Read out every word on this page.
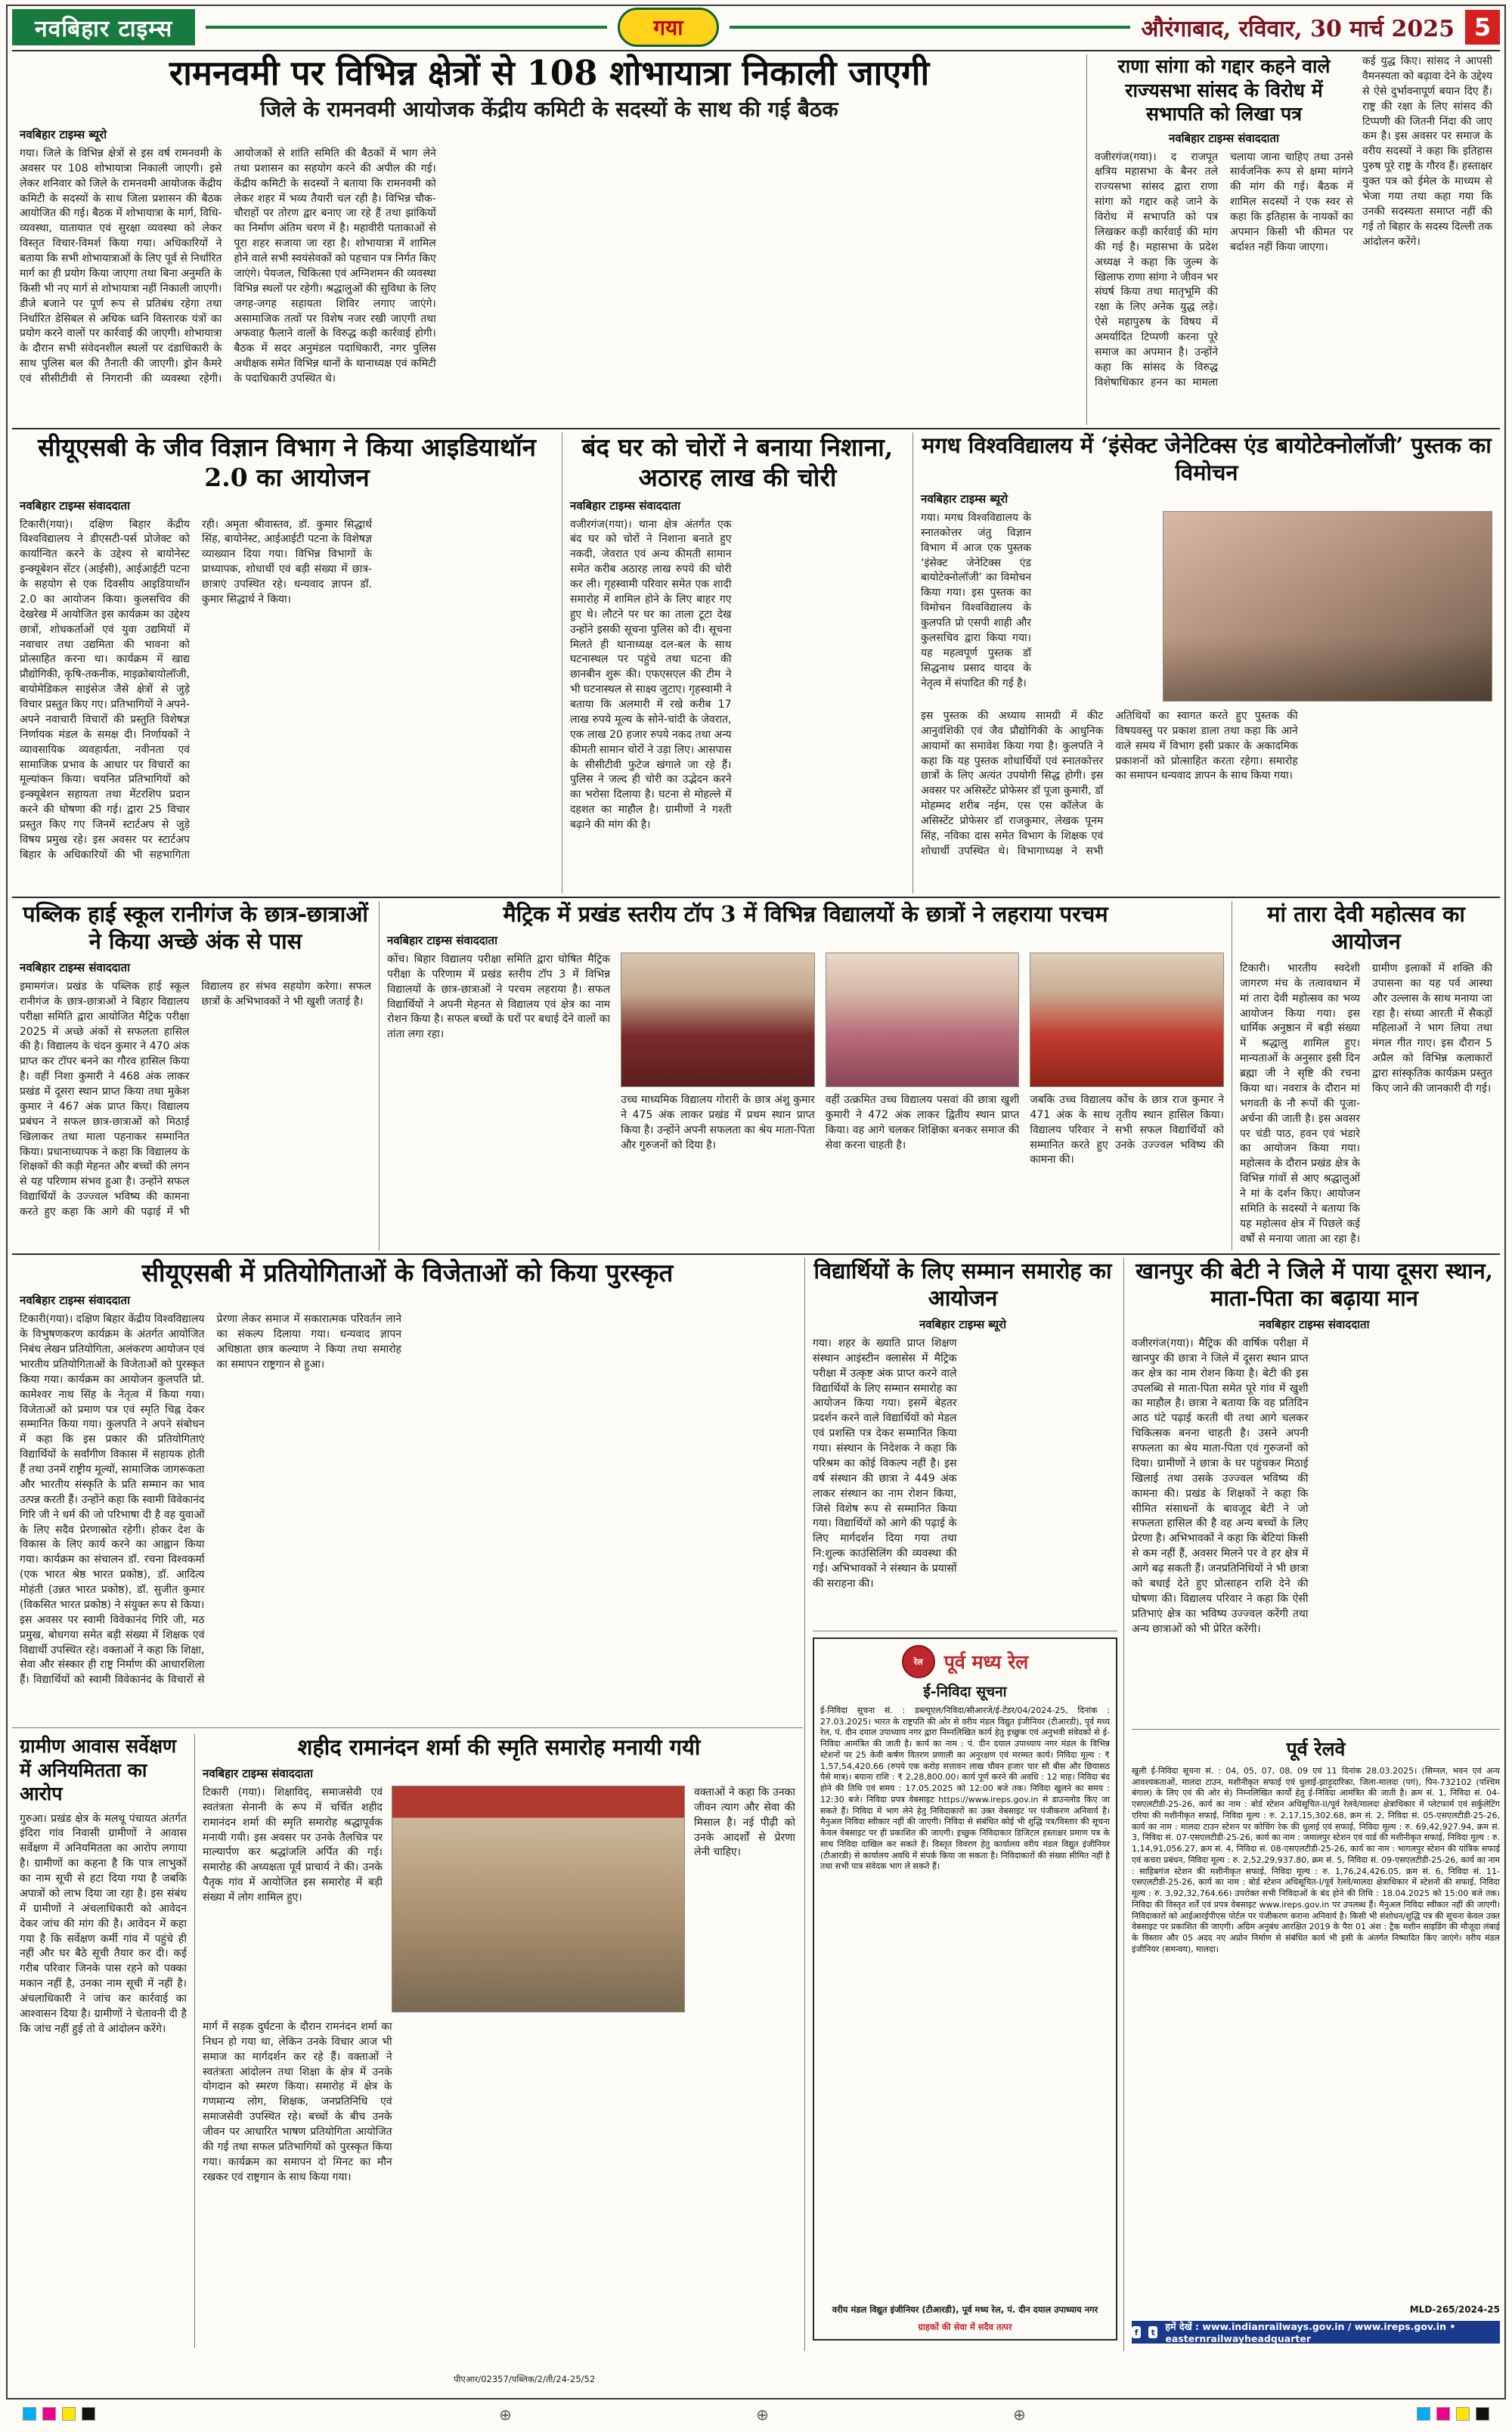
नवबिहार टाइम्स	गया	औरंगाबाद, रविवार, 30 मार्च 2025 5
रामनवमी पर विभिन्न क्षेत्रों से 108 शोभायात्रा निकाली जाएगी
जिले के रामनवमी आयोजक केंद्रीय कमिटी के सदस्यों के साथ की गई बैठक
नवबिहार टाइम्स ब्यूरो
गया। जिले के विभिन्न क्षेत्रों से इस वर्ष रामनवमी के अवसर पर 108 शोभायात्रा निकाली जाएगी। इसे लेकर शनिवार को जिले के रामनवमी आयोजक केंद्रीय कमिटी के सदस्यों के साथ जिला प्रशासन की बैठक आयोजित की गई। बैठक में शोभायात्रा के मार्ग, विधि-व्यवस्था, यातायात एवं सुरक्षा व्यवस्था को लेकर विस्तृत विचार-विमर्श किया गया। अधिकारियों ने बताया कि सभी शोभायात्राओं के लिए पूर्व से निर्धारित मार्ग का ही प्रयोग किया जाएगा तथा बिना अनुमति के किसी भी नए मार्ग से शोभायात्रा नहीं निकाली जाएगी। डीजे बजाने पर पूर्ण रूप से प्रतिबंध रहेगा तथा निर्धारित डेसिबल से अधिक ध्वनि विस्तारक यंत्रों का प्रयोग करने वालों पर कार्रवाई की जाएगी। शोभायात्रा के दौरान सभी संवेदनशील स्थलों पर दंडाधिकारी के साथ पुलिस बल की तैनाती की जाएगी। ड्रोन कैमरे एवं सीसीटीवी से निगरानी की व्यवस्था रहेगी। आयोजकों से शांति समिति की बैठकों में भाग लेने तथा प्रशासन का सहयोग करने की अपील की गई। केंद्रीय कमिटी के सदस्यों ने बताया कि रामनवमी को लेकर शहर में भव्य तैयारी चल रही है। विभिन्न चौक-चौराहों पर तोरण द्वार बनाए जा रहे हैं तथा झांकियों का निर्माण अंतिम चरण में है। महावीरी पताकाओं से पूरा शहर सजाया जा रहा है। शोभायात्रा में शामिल होने वाले सभी स्वयंसेवकों को पहचान पत्र निर्गत किए जाएंगे। पेयजल, चिकित्सा एवं अग्निशमन की व्यवस्था विभिन्न स्थलों पर रहेगी। श्रद्धालुओं की सुविधा के लिए जगह-जगह सहायता शिविर लगाए जाएंगे। असामाजिक तत्वों पर विशेष नजर रखी जाएगी तथा अफवाह फैलाने वालों के विरुद्ध कड़ी कार्रवाई होगी। बैठक में सदर अनुमंडल पदाधिकारी, नगर पुलिस अधीक्षक समेत विभिन्न थानों के थानाध्यक्ष एवं कमिटी के पदाधिकारी उपस्थित थे।
राणा सांगा को गद्दार कहने वाले राज्यसभा सांसद के विरोध में सभापति को लिखा पत्र
नवबिहार टाइम्स संवाददाता
वजीरगंज(गया)। द राजपूत क्षत्रिय महासभा के बैनर तले राज्यसभा सांसद द्वारा राणा सांगा को गद्दार कहे जाने के विरोध में सभापति को पत्र लिखकर कड़ी कार्रवाई की मांग की गई है। महासभा के प्रदेश अध्यक्ष ने कहा कि जुल्म के खिलाफ राणा सांगा ने जीवन भर संघर्ष किया तथा मातृभूमि की रक्षा के लिए अनेक युद्ध लड़े। ऐसे महापुरुष के विषय में अमर्यादित टिप्पणी करना पूरे समाज का अपमान है। उन्होंने कहा कि सांसद के विरुद्ध विशेषाधिकार हनन का मामला चलाया जाना चाहिए तथा उनसे सार्वजनिक रूप से क्षमा मांगने की मांग की गई। बैठक में शामिल सदस्यों ने एक स्वर से कहा कि इतिहास के नायकों का अपमान किसी भी कीमत पर बर्दाश्त नहीं किया जाएगा।
कई युद्ध किए। सांसद ने आपसी वैमनस्यता को बढ़ावा देने के उद्देश्य से ऐसे दुर्भावनापूर्ण बयान दिए हैं। राष्ट्र की रक्षा के लिए सांसद की टिप्पणी की जितनी निंदा की जाए कम है। इस अवसर पर समाज के वरीय सदस्यों ने कहा कि इतिहास पुरुष पूरे राष्ट्र के गौरव हैं। हस्ताक्षर युक्त पत्र को ईमेल के माध्यम से भेजा गया तथा कहा गया कि उनकी सदस्यता समाप्त नहीं की गई तो बिहार के सदस्य दिल्ली तक आंदोलन करेंगे।
सीयूएसबी के जीव विज्ञान विभाग ने किया आइडियाथॉन 2.0 का आयोजन
नवबिहार टाइम्स संवाददाता
टिकारी(गया)। दक्षिण बिहार केंद्रीय विश्वविद्यालय ने डीएसटी-पर्स प्रोजेक्ट को कार्यान्वित करने के उद्देश्य से बायोनेस्ट इन्क्यूबेशन सेंटर (आईसी), आईआईटी पटना के सहयोग से एक दिवसीय आइडियाथॉन 2.0 का आयोजन किया। कुलसचिव की देखरेख में आयोजित इस कार्यक्रम का उद्देश्य छात्रों, शोधकर्ताओं एवं युवा उद्यमियों में नवाचार तथा उद्यमिता की भावना को प्रोत्साहित करना था। कार्यक्रम में खाद्य प्रौद्योगिकी, कृषि-तकनीक, माइक्रोबायोलॉजी, बायोमेडिकल साइंसेज जैसे क्षेत्रों से जुड़े विचार प्रस्तुत किए गए। प्रतिभागियों ने अपने-अपने नवाचारी विचारों की प्रस्तुति विशेषज्ञ निर्णायक मंडल के समक्ष दी। निर्णायकों ने व्यावसायिक व्यवहार्यता, नवीनता एवं सामाजिक प्रभाव के आधार पर विचारों का मूल्यांकन किया। चयनित प्रतिभागियों को इन्क्यूबेशन सहायता तथा मेंटरशिप प्रदान करने की घोषणा की गई। द्वारा 25 विचार प्रस्तुत किए गए जिनमें स्टार्टअप से जुड़े विषय प्रमुख रहे। इस अवसर पर स्टार्टअप बिहार के अधिकारियों की भी सहभागिता रही। अमृता श्रीवास्तव, डॉ. कुमार सिद्धार्थ सिंह, बायोनेस्ट, आईआईटी पटना के विशेषज्ञ व्याख्यान दिया गया। विभिन्न विभागों के प्राध्यापक, शोधार्थी एवं बड़ी संख्या में छात्र-छात्राएं उपस्थित रहे। धन्यवाद ज्ञापन डॉ. कुमार सिद्धार्थ ने किया।
बंद घर को चोरों ने बनाया निशाना, अठारह लाख की चोरी
नवबिहार टाइम्स संवाददाता
वजीरगंज(गया)। थाना क्षेत्र अंतर्गत एक बंद घर को चोरों ने निशाना बनाते हुए नकदी, जेवरात एवं अन्य कीमती सामान समेत करीब अठारह लाख रुपये की चोरी कर ली। गृहस्वामी परिवार समेत एक शादी समारोह में शामिल होने के लिए बाहर गए हुए थे। लौटने पर घर का ताला टूटा देख उन्होंने इसकी सूचना पुलिस को दी। सूचना मिलते ही थानाध्यक्ष दल-बल के साथ घटनास्थल पर पहुंचे तथा घटना की छानबीन शुरू की। एफएसएल की टीम ने भी घटनास्थल से साक्ष्य जुटाए। गृहस्वामी ने बताया कि अलमारी में रखे करीब 17 लाख रुपये मूल्य के सोने-चांदी के जेवरात, एक लाख 20 हजार रुपये नकद तथा अन्य कीमती सामान चोरों ने उड़ा लिए। आसपास के सीसीटीवी फुटेज खंगाले जा रहे हैं। पुलिस ने जल्द ही चोरी का उद्भेदन करने का भरोसा दिलाया है। घटना से मोहल्ले में दहशत का माहौल है। ग्रामीणों ने गश्ती बढ़ाने की मांग की है।
मगध विश्वविद्यालय में ‘इंसेक्ट जेनेटिक्स एंड बायोटेक्नोलॉजी’ पुस्तक का विमोचन
नवबिहार टाइम्स ब्यूरो
गया। मगध विश्वविद्यालय के स्नातकोत्तर जंतु विज्ञान विभाग में आज एक पुस्तक ‘इंसेक्ट जेनेटिक्स एंड बायोटेक्नोलॉजी’ का विमोचन किया गया। इस पुस्तक का विमोचन विश्वविद्यालय के कुलपति प्रो एसपी शाही और कुलसचिव द्वारा किया गया। यह महत्वपूर्ण पुस्तक डॉ सिद्धनाथ प्रसाद यादव के नेतृत्व में संपादित की गई है।
इस पुस्तक की अध्याय सामग्री में कीट आनुवंशिकी एवं जैव प्रौद्योगिकी के आधुनिक आयामों का समावेश किया गया है। कुलपति ने कहा कि यह पुस्तक शोधार्थियों एवं स्नातकोत्तर छात्रों के लिए अत्यंत उपयोगी सिद्ध होगी। इस अवसर पर असिस्टेंट प्रोफेसर डॉ पूजा कुमारी, डॉ मोहम्मद शरीब नईम, एस एस कॉलेज के असिस्टेंट प्रोफेसर डॉ राजकुमार, लेखक पूनम सिंह, नविका दास समेत विभाग के शिक्षक एवं शोधार्थी उपस्थित थे। विभागाध्यक्ष ने सभी अतिथियों का स्वागत करते हुए पुस्तक की विषयवस्तु पर प्रकाश डाला तथा कहा कि आने वाले समय में विभाग इसी प्रकार के अकादमिक प्रकाशनों को प्रोत्साहित करता रहेगा। समारोह का समापन धन्यवाद ज्ञापन के साथ किया गया।
पब्लिक हाई स्कूल रानीगंज के छात्र-छात्राओं ने किया अच्छे अंक से पास
नवबिहार टाइम्स संवाददाता
इमामगंज। प्रखंड के पब्लिक हाई स्कूल रानीगंज के छात्र-छात्राओं ने बिहार विद्यालय परीक्षा समिति द्वारा आयोजित मैट्रिक परीक्षा 2025 में अच्छे अंकों से सफलता हासिल की है। विद्यालय के चंदन कुमार ने 470 अंक प्राप्त कर टॉपर बनने का गौरव हासिल किया है। वहीं निशा कुमारी ने 468 अंक लाकर प्रखंड में दूसरा स्थान प्राप्त किया तथा मुकेश कुमार ने 467 अंक प्राप्त किए। विद्यालय प्रबंधन ने सफल छात्र-छात्राओं को मिठाई खिलाकर तथा माला पहनाकर सम्मानित किया। प्रधानाध्यापक ने कहा कि विद्यालय के शिक्षकों की कड़ी मेहनत और बच्चों की लगन से यह परिणाम संभव हुआ है। उन्होंने सफल विद्यार्थियों के उज्ज्वल भविष्य की कामना करते हुए कहा कि आगे की पढ़ाई में भी विद्यालय हर संभव सहयोग करेगा। सफल छात्रों के अभिभावकों ने भी खुशी जताई है।
मैट्रिक में प्रखंड स्तरीय टॉप 3 में विभिन्न विद्यालयों के छात्रों ने लहराया परचम
नवबिहार टाइम्स संवाददाता
कोंच। बिहार विद्यालय परीक्षा समिति द्वारा घोषित मैट्रिक परीक्षा के परिणाम में प्रखंड स्तरीय टॉप 3 में विभिन्न विद्यालयों के छात्र-छात्राओं ने परचम लहराया है। सफल विद्यार्थियों ने अपनी मेहनत से विद्यालय एवं क्षेत्र का नाम रोशन किया है। सफल बच्चों के घरों पर बधाई देने वालों का तांता लगा रहा।
उच्च माध्यमिक विद्यालय गोरारी के छात्र अंशु कुमार ने 475 अंक लाकर प्रखंड में प्रथम स्थान प्राप्त किया है। उन्होंने अपनी सफलता का श्रेय माता-पिता और गुरुजनों को दिया है।
वहीं उत्क्रमित उच्च विद्यालय पसवां की छात्रा खुशी कुमारी ने 472 अंक लाकर द्वितीय स्थान प्राप्त किया। वह आगे चलकर शिक्षिका बनकर समाज की सेवा करना चाहती है।
जबकि उच्च विद्यालय कोंच के छात्र राज कुमार ने 471 अंक के साथ तृतीय स्थान हासिल किया। विद्यालय परिवार ने सभी सफल विद्यार्थियों को सम्मानित करते हुए उनके उज्ज्वल भविष्य की कामना की।
मां तारा देवी महोत्सव का आयोजन
टिकारी। भारतीय स्वदेशी जागरण मंच के तत्वावधान में मां तारा देवी महोत्सव का भव्य आयोजन किया गया। इस धार्मिक अनुष्ठान में बड़ी संख्या में श्रद्धालु शामिल हुए। मान्यताओं के अनुसार इसी दिन ब्रह्मा जी ने सृष्टि की रचना किया था। नवरात्र के दौरान मां भगवती के नौ रूपों की पूजा-अर्चना की जाती है। इस अवसर पर चंडी पाठ, हवन एवं भंडारे का आयोजन किया गया। महोत्सव के दौरान प्रखंड क्षेत्र के विभिन्न गांवों से आए श्रद्धालुओं ने मां के दर्शन किए। आयोजन समिति के सदस्यों ने बताया कि यह महोत्सव क्षेत्र में पिछले कई वर्षों से मनाया जाता आ रहा है। ग्रामीण इलाकों में शक्ति की उपासना का यह पर्व आस्था और उल्लास के साथ मनाया जा रहा है। संध्या आरती में सैकड़ों महिलाओं ने भाग लिया तथा मंगल गीत गाए। इस दौरान 5 अप्रैल को विभिन्न कलाकारों द्वारा सांस्कृतिक कार्यक्रम प्रस्तुत किए जाने की जानकारी दी गई।
सीयूएसबी में प्रतियोगिताओं के विजेताओं को किया पुरस्कृत
नवबिहार टाइम्स संवाददाता
टिकारी(गया)। दक्षिण बिहार केंद्रीय विश्वविद्यालय के विभुषणकरण कार्यक्रम के अंतर्गत आयोजित निबंध लेखन प्रतियोगिता, अलंकरण आयोजन एवं भारतीय प्रतियोगिताओं के विजेताओं को पुरस्कृत किया गया। कार्यक्रम का आयोजन कुलपति प्रो. कामेश्वर नाथ सिंह के नेतृत्व में किया गया। विजेताओं को प्रमाण पत्र एवं स्मृति चिह्न देकर सम्मानित किया गया। कुलपति ने अपने संबोधन में कहा कि इस प्रकार की प्रतियोगिताएं विद्यार्थियों के सर्वांगीण विकास में सहायक होती हैं तथा उनमें राष्ट्रीय मूल्यों, सामाजिक जागरूकता और भारतीय संस्कृति के प्रति सम्मान का भाव उत्पन्न करती हैं। उन्होंने कहा कि स्वामी विवेकानंद गिरि जी ने धर्म की जो परिभाषा दी है वह युवाओं के लिए सदैव प्रेरणास्रोत रहेगी। होकर देश के विकास के लिए कार्य करने का आह्वान किया गया। कार्यक्रम का संचालन डॉ. रचना विश्वकर्मा (एक भारत श्रेष्ठ भारत प्रकोष्ठ), डॉ. आदित्य मोहंती (उन्नत भारत प्रकोष्ठ), डॉ. सुजीत कुमार (विकसित भारत प्रकोष्ठ) ने संयुक्त रूप से किया। इस अवसर पर स्वामी विवेकानंद गिरि जी, मठ प्रमुख, बोधगया समेत बड़ी संख्या में शिक्षक एवं विद्यार्थी उपस्थित रहे। वक्ताओं ने कहा कि शिक्षा, सेवा और संस्कार ही राष्ट्र निर्माण की आधारशिला हैं। विद्यार्थियों को स्वामी विवेकानंद के विचारों से प्रेरणा लेकर समाज में सकारात्मक परिवर्तन लाने का संकल्प दिलाया गया। धन्यवाद ज्ञापन अधिष्ठाता छात्र कल्याण ने किया तथा समारोह का समापन राष्ट्रगान से हुआ।
ग्रामीण आवास सर्वेक्षण में अनियमितता का आरोप
गुरुआ। प्रखंड क्षेत्र के मलथू पंचायत अंतर्गत इंदिरा गांव निवासी ग्रामीणों ने आवास सर्वेक्षण में अनियमितता का आरोप लगाया है। ग्रामीणों का कहना है कि पात्र लाभुकों का नाम सूची से हटा दिया गया है जबकि अपात्रों को लाभ दिया जा रहा है। इस संबंध में ग्रामीणों ने अंचलाधिकारी को आवेदन देकर जांच की मांग की है। आवेदन में कहा गया है कि सर्वेक्षण कर्मी गांव में पहुंचे ही नहीं और घर बैठे सूची तैयार कर दी। कई गरीब परिवार जिनके पास रहने को पक्का मकान नहीं है, उनका नाम सूची में नहीं है। अंचलाधिकारी ने जांच कर कार्रवाई का आश्वासन दिया है। ग्रामीणों ने चेतावनी दी है कि जांच नहीं हुई तो वे आंदोलन करेंगे।
शहीद रामानंदन शर्मा की स्मृति समारोह मनायी गयी
नवबिहार टाइम्स संवाददाता
टिकारी (गया)। शिक्षाविद्, समाजसेवी एवं स्वतंत्रता सेनानी के रूप में चर्चित शहीद रामानंदन शर्मा की स्मृति समारोह श्रद्धापूर्वक मनायी गयी। इस अवसर पर उनके तैलचित्र पर माल्यार्पण कर श्रद्धांजलि अर्पित की गई। समारोह की अध्यक्षता पूर्व प्राचार्य ने की। उनके पैतृक गांव में आयोजित इस समारोह में बड़ी संख्या में लोग शामिल हुए।
वक्ताओं ने कहा कि उनका जीवन त्याग और सेवा की मिसाल है। नई पीढ़ी को उनके आदर्शों से प्रेरणा लेनी चाहिए।
मार्ग में सड़क दुर्घटना के दौरान रामनंदन शर्मा का निधन हो गया था, लेकिन उनके विचार आज भी समाज का मार्गदर्शन कर रहे हैं। वक्ताओं ने स्वतंत्रता आंदोलन तथा शिक्षा के क्षेत्र में उनके योगदान को स्मरण किया। समारोह में क्षेत्र के गणमान्य लोग, शिक्षक, जनप्रतिनिधि एवं समाजसेवी उपस्थित रहे। बच्चों के बीच उनके जीवन पर आधारित भाषण प्रतियोगिता आयोजित की गई तथा सफल प्रतिभागियों को पुरस्कृत किया गया। कार्यक्रम का समापन दो मिनट का मौन रखकर एवं राष्ट्रगान के साथ किया गया।
विद्यार्थियों के लिए सम्मान समारोह का आयोजन
नवबिहार टाइम्स ब्यूरो
गया। शहर के ख्याति प्राप्त शिक्षण संस्थान आइंस्टीन क्लासेस में मैट्रिक परीक्षा में उत्कृष्ट अंक प्राप्त करने वाले विद्यार्थियों के लिए सम्मान समारोह का आयोजन किया गया। इसमें बेहतर प्रदर्शन करने वाले विद्यार्थियों को मेडल एवं प्रशस्ति पत्र देकर सम्मानित किया गया। संस्थान के निदेशक ने कहा कि परिश्रम का कोई विकल्प नहीं है। इस वर्ष संस्थान की छात्रा ने 449 अंक लाकर संस्थान का नाम रोशन किया, जिसे विशेष रूप से सम्मानित किया गया। विद्यार्थियों को आगे की पढ़ाई के लिए मार्गदर्शन दिया गया तथा नि:शुल्क काउंसिलिंग की व्यवस्था की गई। अभिभावकों ने संस्थान के प्रयासों की सराहना की।
रेल	पूर्व मध्य रेल
ई-निविदा सूचना
ई-निविदा सूचना सं. : डब्ल्यूएल/निविदा/सीआरजे/ई-टेंडर/04/2024-25, दिनांक : 27.03.2025। भारत के राष्ट्रपति की ओर से वरीय मंडल विद्युत इंजीनियर (टीआरडी), पूर्व मध्य रेल, पं. दीन दयाल उपाध्याय नगर द्वारा निम्नलिखित कार्य हेतु इच्छुक एवं अनुभवी संवेदकों से ई-निविदा आमंत्रित की जाती है। कार्य का नाम : पं. दीन दयाल उपाध्याय नगर मंडल के विभिन्न स्टेशनों पर 25 केवी कर्षण वितरण प्रणाली का अनुरक्षण एवं मरम्मत कार्य। निविदा मूल्य : ₹ 1,57,54,420.66 (रुपये एक करोड़ सत्तावन लाख चौवन हजार चार सौ बीस और छियासठ पैसे मात्र)। बयाना राशि : ₹ 2,28,800.00। कार्य पूर्ण करने की अवधि : 12 माह। निविदा बंद होने की तिथि एवं समय : 17.05.2025 को 12:00 बजे तक। निविदा खुलने का समय : 12:30 बजे। निविदा प्रपत्र वेबसाइट https://www.ireps.gov.in से डाउनलोड किए जा सकते हैं। निविदा में भाग लेने हेतु निविदाकारों का उक्त वेबसाइट पर पंजीकरण अनिवार्य है। मैनुअल निविदा स्वीकार नहीं की जाएगी। निविदा से संबंधित कोई भी शुद्धि पत्र/विस्तार की सूचना केवल वेबसाइट पर ही प्रकाशित की जाएगी। इच्छुक निविदाकार डिजिटल हस्ताक्षर प्रमाण पत्र के साथ निविदा दाखिल कर सकते हैं। विस्तृत विवरण हेतु कार्यालय वरीय मंडल विद्युत इंजीनियर (टीआरडी) से कार्यालय अवधि में संपर्क किया जा सकता है। निविदाकारों की संख्या सीमित नहीं है तथा सभी पात्र संवेदक भाग ले सकते हैं।
वरीय मंडल विद्युत इंजीनियर (टीआरडी), पूर्व मध्य रेल, पं. दीन दयाल उपाध्याय नगर
ग्राहकों की सेवा में सदैव तत्पर
खानपुर की बेटी ने जिले में पाया दूसरा स्थान, माता-पिता का बढ़ाया मान
नवबिहार टाइम्स संवाददाता
वजीरगंज(गया)। मैट्रिक की वार्षिक परीक्षा में खानपुर की छात्रा ने जिले में दूसरा स्थान प्राप्त कर क्षेत्र का नाम रोशन किया है। बेटी की इस उपलब्धि से माता-पिता समेत पूरे गांव में खुशी का माहौल है। छात्रा ने बताया कि वह प्रतिदिन आठ घंटे पढ़ाई करती थी तथा आगे चलकर चिकित्सक बनना चाहती है। उसने अपनी सफलता का श्रेय माता-पिता एवं गुरुजनों को दिया। ग्रामीणों ने छात्रा के घर पहुंचकर मिठाई खिलाई तथा उसके उज्ज्वल भविष्य की कामना की। प्रखंड के शिक्षकों ने कहा कि सीमित संसाधनों के बावजूद बेटी ने जो सफलता हासिल की है वह अन्य बच्चों के लिए प्रेरणा है। अभिभावकों ने कहा कि बेटियां किसी से कम नहीं हैं, अवसर मिलने पर वे हर क्षेत्र में आगे बढ़ सकती हैं। जनप्रतिनिधियों ने भी छात्रा को बधाई देते हुए प्रोत्साहन राशि देने की घोषणा की। विद्यालय परिवार ने कहा कि ऐसी प्रतिभाएं क्षेत्र का भविष्य उज्ज्वल करेंगी तथा अन्य छात्राओं को भी प्रेरित करेंगी।
पूर्व रेलवे
खुली ई-निविदा सूचना सं. : 04, 05, 07, 08, 09 एवं 11 दिनांक 28.03.2025। (सिग्नल, भवन एवं अन्य आवश्यकताओं, मालदा टाउन, मशीनीकृत सफाई एवं धुलाई-झाड़ूदारिका, जिला-मालदा (पगं), पिन-732102 (पश्चिम बंगाल) के लिए एवं की ओर से) निम्नलिखित कार्यों हेतु ई-निविदा आमंत्रित की जाती है। क्रम सं. 1, निविदा सं. 04-एसएलटीडी-25-26, कार्य का नाम : बोर्ड स्टेशन अधिसूचित-II/पूर्व रेलवे/मालदा क्षेत्राधिकार में प्लेटफार्म एवं सर्कुलेटिंग एरिया की मशीनीकृत सफाई, निविदा मूल्य : रु. 2,17,15,302.68, क्रम सं. 2, निविदा सं. 05-एसएलटीडी-25-26, कार्य का नाम : मालदा टाउन स्टेशन पर कोचिंग रेक की धुलाई एवं सफाई, निविदा मूल्य : रु. 69,42,927.94, क्रम सं. 3, निविदा सं. 07-एसएलटीडी-25-26, कार्य का नाम : जमालपुर स्टेशन एवं यार्ड की मशीनीकृत सफाई, निविदा मूल्य : रु. 1,14,91,056.27, क्रम सं. 4, निविदा सं. 08-एसएलटीडी-25-26, कार्य का नाम : भागलपुर स्टेशन की यांत्रिक सफाई एवं कचरा प्रबंधन, निविदा मूल्य : रु. 2,52,29,937.80, क्रम सं. 5, निविदा सं. 09-एसएलटीडी-25-26, कार्य का नाम : साहिबगंज स्टेशन की मशीनीकृत सफाई, निविदा मूल्य : रु. 1,76,24,426.05, क्रम सं. 6, निविदा सं. 11-एसएलटीडी-25-26, कार्य का नाम : बोर्ड स्टेशन अधिसूचित-I/पूर्व रेलवे/मालदा क्षेत्राधिकार में स्टेशनों की सफाई, निविदा मूल्य : रु. 3,92,32,764.66। उपरोक्त सभी निविदाओं के बंद होने की तिथि : 18.04.2025 को 15:00 बजे तक। निविदा की विस्तृत शर्तें एवं प्रपत्र वेबसाइट www.ireps.gov.in पर उपलब्ध हैं। मैनुअल निविदा स्वीकार नहीं की जाएगी। निविदाकारों को आईआरईपीएस पोर्टल पर पंजीकरण कराना अनिवार्य है। किसी भी संशोधन/शुद्धि पत्र की सूचना केवल उक्त वेबसाइट पर प्रकाशित की जाएगी। अग्रिम अनुबंध आरक्षित 2019 के पैरा 01 अंश : ट्रैक मशीन साइडिंग की मौजूदा लंबाई के विस्तार और 05 अदद नए अप्रोन निर्माण से संबंधित कार्य भी इसी के अंतर्गत निष्पादित किए जाएंगे। वरीय मंडल इंजीनियर (समन्वय), मालदा।
MLD-265/2024-25
f	t हमें देखें : www.indianrailways.gov.in / www.ireps.gov.in • easternrailwayheadquarter
पीएआर/02357/पब्लिक/2/ती/24-25/52
⊕	⊕	⊕
